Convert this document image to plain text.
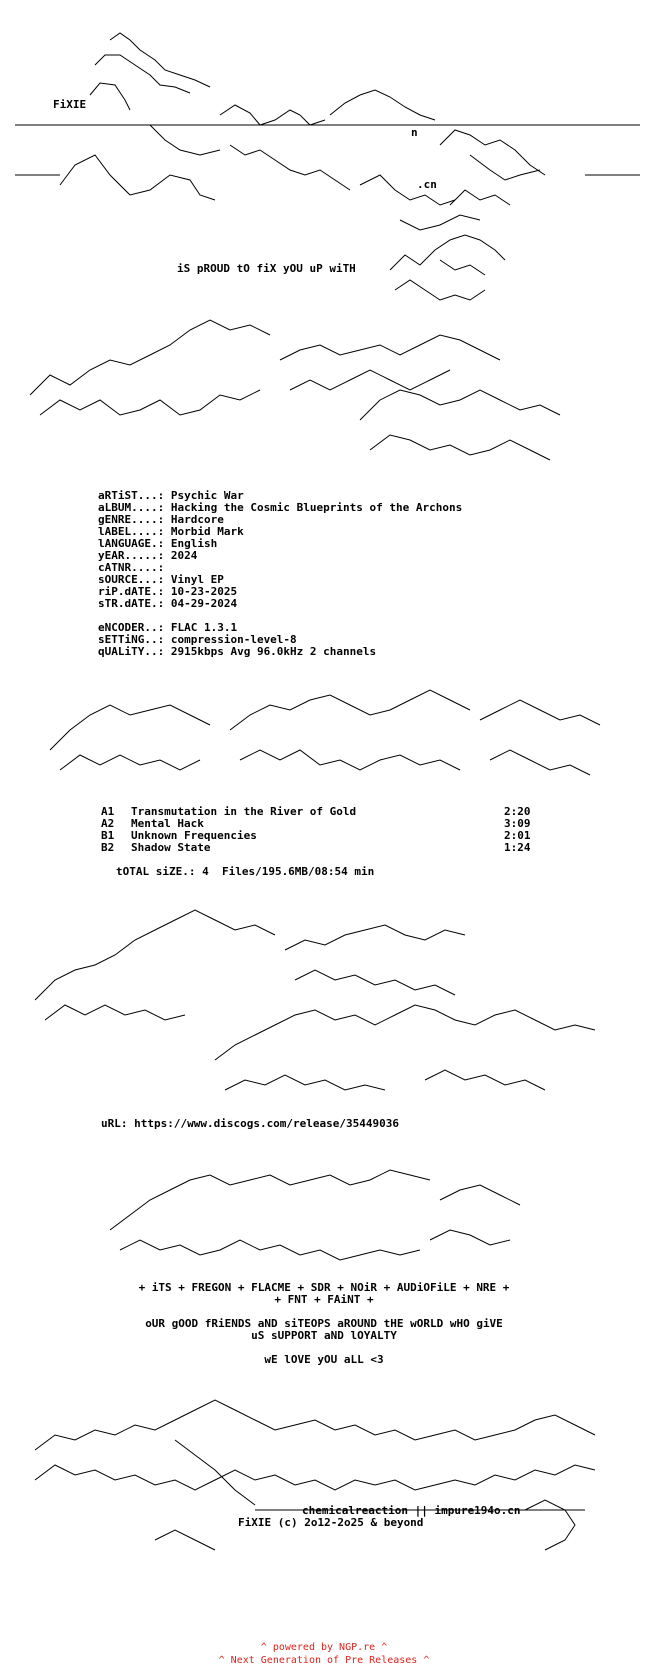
FiXIE
.cn
n
iS pROUD tO fiX yOU uP wiTH
aRTiST...: Psychic War
aLBUM....: Hacking the Cosmic Blueprints of the Archons
gENRE....: Hardcore
lABEL....: Morbid Mark
lANGUAGE.: English
yEAR.....: 2024
cATNR....:
sOURCE...: Vinyl EP
riP.dATE.: 10-23-2025
sTR.dATE.: 04-29-2024
eNCODER..: FLAC 1.3.1
sETTiNG..: compression-level-8
qUALiTY..: 2915kbps Avg 96.0kHz 2 channels
A1 Transmutation in the River of Gold	2:20
A2 Mental Hack	3:09
B1 Unknown Frequencies	2:01
B2 Shadow State	1:24
tOTAL siZE.: 4  Files/195.6MB/08:54 min
uRL: https://www.discogs.com/release/35449036
+ iTS + FREGON + FLACME + SDR + NOiR + AUDiOFiLE + NRE +
+ FNT + FAiNT +
oUR gOOD fRiENDS aND siTEOPS aROUND tHE wORLD wHO giVE
uS sUPPORT aND lOYALTY
wE lOVE yOU aLL <3
chemicalreaction || impure194o.cn
FiXIE (c) 2o12-2o25 & beyond
^ powered by NGP.re ^
^ Next Generation of Pre Releases ^
